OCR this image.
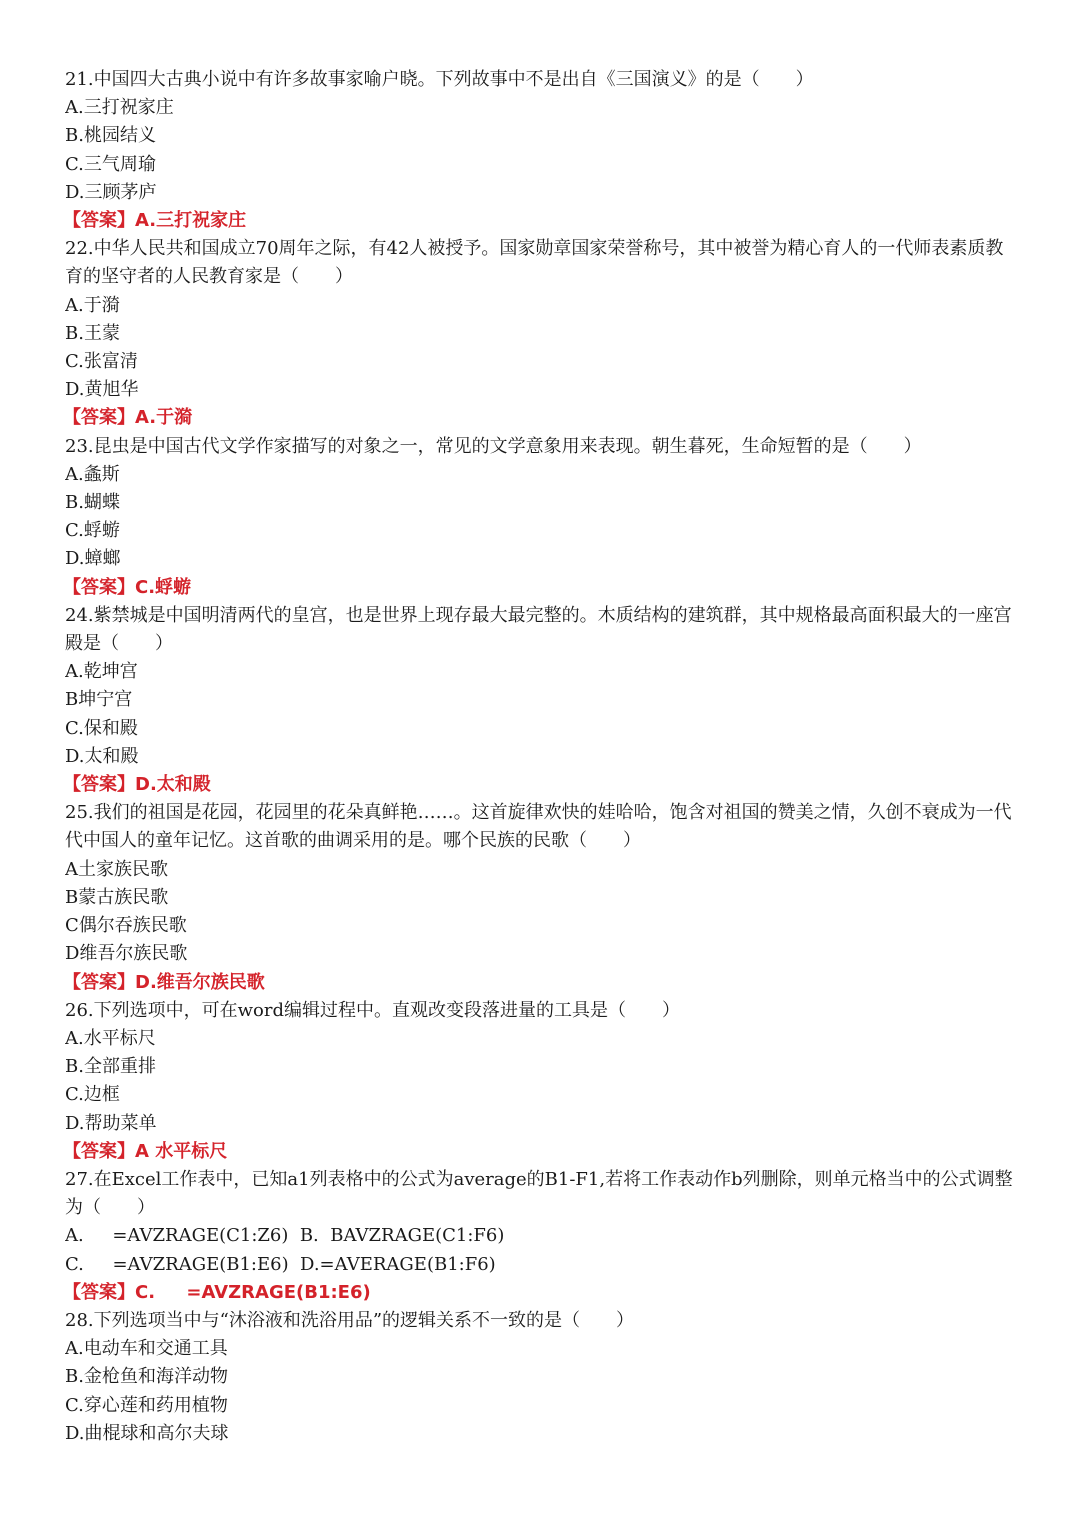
21.中国四大古典小说中有许多故事家喻户晓。下列故事中不是出自《三国演义》的是（　　）
A.三打祝家庄
B.桃园结义
C.三气周瑜
D.三顾茅庐
【答案】A.三打祝家庄
22.中华人民共和国成立70周年之际，有42人被授予。国家勋章国家荣誉称号，其中被誉为精心育人的一代师表素质教育的坚守者的人民教育家是（　　）
A.于漪
B.王蒙
C.张富清
D.黄旭华
【答案】A.于漪
23.昆虫是中国古代文学作家描写的对象之一，常见的文学意象用来表现。朝生暮死，生命短暂的是（　　）
A.螽斯
B.蝴蝶
C.蜉蝣
D.蟑螂
【答案】C.蜉蝣
24.紫禁城是中国明清两代的皇宫，也是世界上现存最大最完整的。木质结构的建筑群，其中规格最高面积最大的一座宫殿是（　　）
A.乾坤宫
B坤宁宫
C.保和殿
D.太和殿
【答案】D.太和殿
25.我们的祖国是花园，花园里的花朵真鲜艳……。这首旋律欢快的娃哈哈，饱含对祖国的赞美之情，久创不衰成为一代代中国人的童年记忆。这首歌的曲调采用的是。哪个民族的民歌（　　）
A土家族民歌
B蒙古族民歌
C偶尔吞族民歌
D维吾尔族民歌
【答案】D.维吾尔族民歌
26.下列选项中，可在word编辑过程中。直观改变段落进量的工具是（　　）
A.水平标尺
B.全部重排
C.边框
D.帮助菜单
【答案】A 水平标尺
27.在Excel工作表中，已知a1列表格中的公式为average的B1-F1,若将工作表动作b列删除，则单元格当中的公式调整为（　　）
A.     =AVZRAGE(C1:Z6)  B.  BAVZRAGE(C1:F6)
C.     =AVZRAGE(B1:E6)  D.=AVERAGE(B1:F6)
【答案】C.     =AVZRAGE(B1:E6)
28.下列选项当中与“沐浴液和洗浴用品”的逻辑关系不一致的是（　　）
A.电动车和交通工具
B.金枪鱼和海洋动物
C.穿心莲和药用植物
D.曲棍球和高尔夫球
